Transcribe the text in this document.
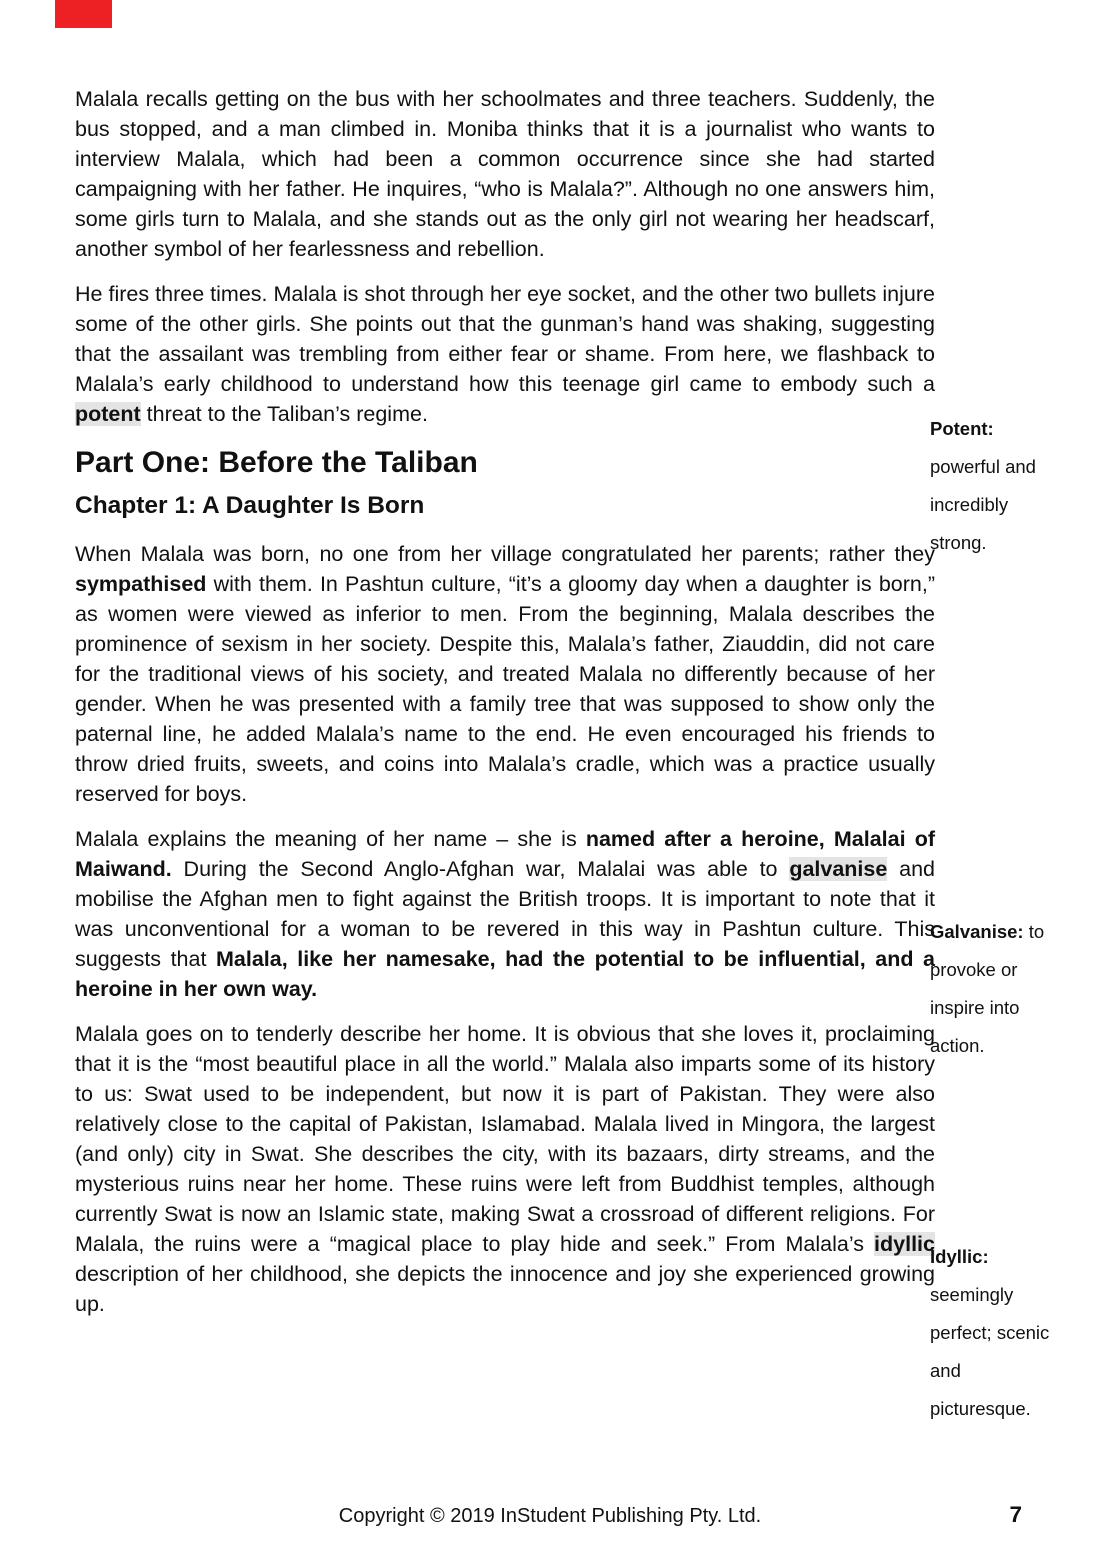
Malala recalls getting on the bus with her schoolmates and three teachers. Suddenly, the bus stopped, and a man climbed in. Moniba thinks that it is a journalist who wants to interview Malala, which had been a common occurrence since she had started campaigning with her father. He inquires, “who is Malala?”. Although no one answers him, some girls turn to Malala, and she stands out as the only girl not wearing her headscarf, another symbol of her fearlessness and rebellion.

He fires three times. Malala is shot through her eye socket, and the other two bullets injure some of the other girls. She points out that the gunman’s hand was shaking, suggesting that the assailant was trembling from either fear or shame. From here, we flashback to Malala’s early childhood to understand how this teenage girl came to embody such a potent threat to the Taliban’s regime.

Part One: Before the Taliban
Chapter 1: A Daughter Is Born

When Malala was born, no one from her village congratulated her parents; rather they sympathised with them. In Pashtun culture, “it’s a gloomy day when a daughter is born,” as women were viewed as inferior to men. From the beginning, Malala describes the prominence of sexism in her society. Despite this, Malala’s father, Ziauddin, did not care for the traditional views of his society, and treated Malala no differently because of her gender. When he was presented with a family tree that was supposed to show only the paternal line, he added Malala’s name to the end. He even encouraged his friends to throw dried fruits, sweets, and coins into Malala’s cradle, which was a practice usually reserved for boys.

Malala explains the meaning of her name – she is named after a heroine, Malalai of Maiwand. During the Second Anglo-Afghan war, Malalai was able to galvanise and mobilise the Afghan men to fight against the British troops. It is important to note that it was unconventional for a woman to be revered in this way in Pashtun culture. This suggests that Malala, like her namesake, had the potential to be influential, and a heroine in her own way.

Malala goes on to tenderly describe her home. It is obvious that she loves it, proclaiming that it is the “most beautiful place in all the world.” Malala also imparts some of its history to us: Swat used to be independent, but now it is part of Pakistan. They were also relatively close to the capital of Pakistan, Islamabad. Malala lived in Mingora, the largest (and only) city in Swat. She describes the city, with its bazaars, dirty streams, and the mysterious ruins near her home. These ruins were left from Buddhist temples, although currently Swat is now an Islamic state, making Swat a crossroad of different religions. For Malala, the ruins were a “magical place to play hide and seek.” From Malala’s idyllic description of her childhood, she depicts the innocence and joy she experienced growing up.

Potent: powerful and incredibly strong.
Galvanise: to provoke or inspire into action.
Idyllic: seemingly perfect; scenic and picturesque.
Copyright © 2019 InStudent Publishing Pty. Ltd.	7
